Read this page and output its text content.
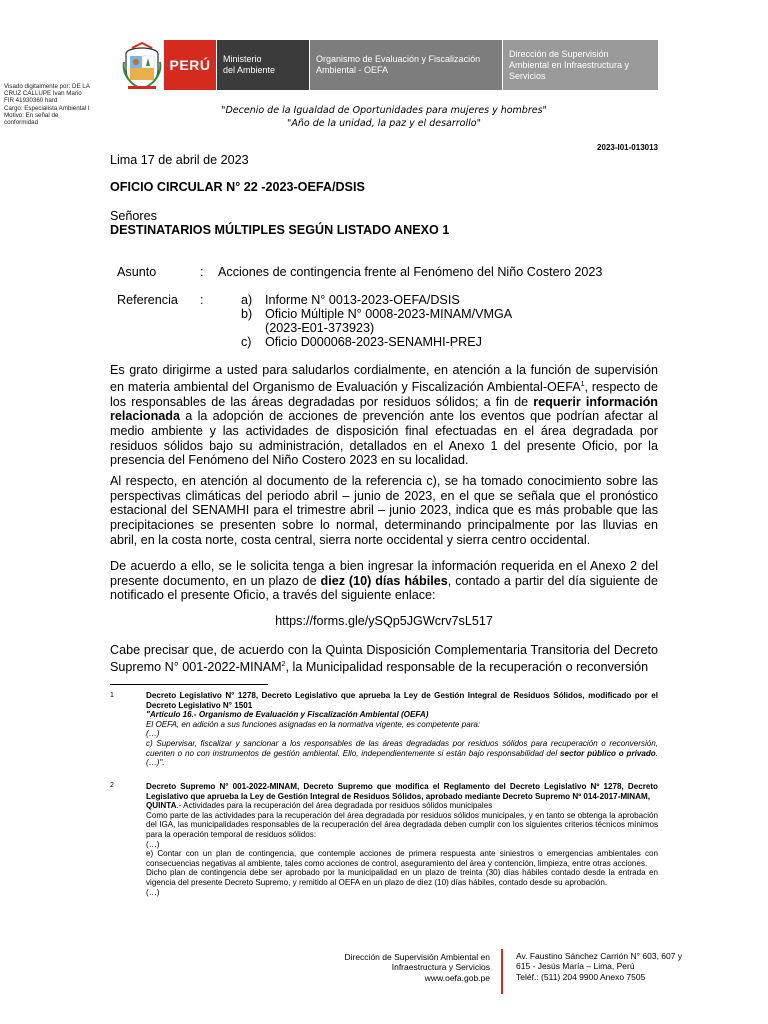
PERÚ	Ministerio
del Ambiente
Organismo de Evaluación y Fiscalización
Ambiental - OEFA
Dirección de Supervisión
Ambiental en Infraestructura y
Servicios
Visado digitalmente por: DE LA
CRUZ CALLUPE Ivan Mario
FIR 41930360 hard
Cargo: Especialista Ambiental I
Motivo: En señal de
conformidad
"Decenio de la Igualdad de Oportunidades para mujeres y hombres"
"Año de la unidad, la paz y el desarrollo"
2023-I01-013013
Lima 17 de abril de 2023
OFICIO CIRCULAR N° 22 -2023-OEFA/DSIS
Señores
DESTINATARIOS MÚLTIPLES SEGÚN LISTADO ANEXO 1
Asunto	: Acciones de contingencia frente al Fenómeno del Niño Costero 2023
Referencia :	a) Informe N° 0013-2023-OEFA/DSIS
b) Oficio Múltiple N° 0008-2023-MINAM/VMGA
(2023-E01-373923)
c) Oficio D000068-2023-SENAMHI-PREJ
Es grato dirigirme a usted para saludarlos cordialmente, en atención a la función de supervisión en materia ambiental del Organismo de Evaluación y Fiscalización Ambiental-OEFA$^1$, respecto de los responsables de las áreas degradadas por residuos sólidos; a fin de requerir información relacionada a la adopción de acciones de prevención ante los eventos que podrían afectar al medio ambiente y las actividades de disposición final efectuadas en el área degradada por residuos sólidos bajo su administración, detallados en el Anexo 1 del presente Oficio, por la presencia del Fenómeno del Niño Costero 2023 en su localidad.
Al respecto, en atención al documento de la referencia c), se ha tomado conocimiento sobre las perspectivas climáticas del periodo abril – junio de 2023, en el que se señala que el pronóstico estacional del SENAMHI para el trimestre abril – junio 2023, indica que es más probable que las precipitaciones se presenten sobre lo normal, determinando principalmente por las lluvias en abril, en la costa norte, costa central, sierra norte occidental y sierra centro occidental.
De acuerdo a ello, se le solicita tenga a bien ingresar la información requerida en el Anexo 2 del presente documento, en un plazo de diez (10) días hábiles, contado a partir del día siguiente de notificado el presente Oficio, a través del siguiente enlace:
https://forms.gle/ySQp5JGWcrv7sL517
Cabe precisar que, de acuerdo con la Quinta Disposición Complementaria Transitoria del Decreto Supremo N° 001-2022-MINAM$^2$, la Municipalidad responsable de la recuperación o reconversión
1	Decreto Legislativo N° 1278, Decreto Legislativo que aprueba la Ley de Gestión Integral de Residuos Sólidos, modificado por el Decreto Legislativo N° 1501
"Artículo 16.- Organismo de Evaluación y Fiscalización Ambiental (OEFA)
El OEFA, en adición a sus funciones asignadas en la normativa vigente, es competente para:
(…)
c) Supervisar, fiscalizar y sancionar a los responsables de las áreas degradadas por residuos sólidos para recuperación o reconversión, cuenten o no con instrumentos de gestión ambiental. Ello, independientemente si están bajo responsabilidad del sector público o privado. (…)".
2	Decreto Supremo N° 001-2022-MINAM, Decreto Supremo que modifica el Reglamento del Decreto Legislativo Nº 1278, Decreto Legislativo que aprueba la Ley de Gestión Integral de Residuos Sólidos, aprobado mediante Decreto Supremo Nº 014-2017-MINAM,
QUINTA.- Actividades para la recuperación del área degradada por residuos sólidos municipales
Como parte de las actividades para la recuperación del área degradada por residuos sólidos municipales, y en tanto se obtenga la aprobación del IGA, las municipalidades responsables de la recuperación del área degradada deben cumplir con los siguientes criterios técnicos mínimos para la operación temporal de residuos sólidos:
(…)
e) Contar con un plan de contingencia, que contemple acciones de primera respuesta ante siniestros o emergencias ambientales con consecuencias negativas al ambiente, tales como acciones de control, aseguramiento del área y contención, limpieza, entre otras acciones.
Dicho plan de contingencia debe ser aprobado por la municipalidad en un plazo de treinta (30) días hábiles contado desde la entrada en vigencia del presente Decreto Supremo, y remitido al OEFA en un plazo de diez (10) días hábiles, contado desde su aprobación.
(…)
Dirección de Supervisión Ambiental en
Infraestructura y Servicios
www.oefa.gob.pe
Av. Faustino Sánchez Carrión N° 603, 607 y
615 - Jesús María – Lima, Perú
Teléf.: (511) 204 9900 Anexo 7505
